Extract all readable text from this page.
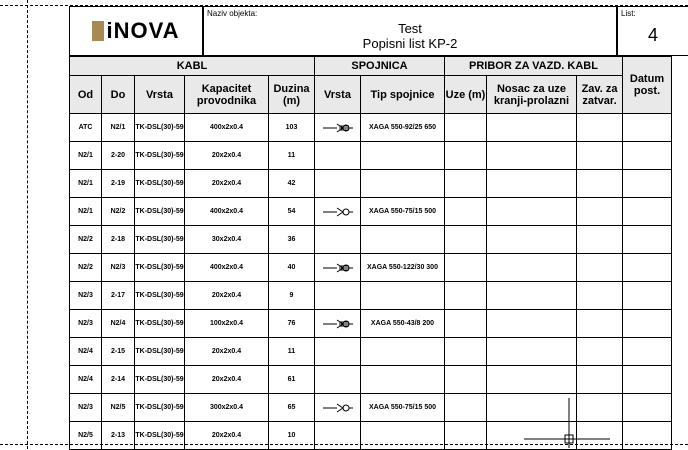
iNOVA
Naziv objekta:
Test
Popisni list KP-2
List:
4
KABL					SPOJNICA		PRIBOR ZA VAZD. KABL			Datum post.
Od	Do	Vrsta	Kapacitet provodnika	Duzina (m)	Vrsta	Tip spojnice	Uze (m)	Nosac za uze kranji-prolazni	Zav. za zatvar.	
ATC	N2/1	TK-DSL(30)-59	400x2x0.4	103		XAGA 550-92/25 650				
N2/1	2-20	TK-DSL(30)-59	20x2x0.4	11						
N2/1	2-19	TK-DSL(30)-59	20x2x0.4	42						
N2/1	N2/2	TK-DSL(30)-59	400x2x0.4	54		XAGA 550-75/15 500				
N2/2	2-18	TK-DSL(30)-59	30x2x0.4	36						
N2/2	N2/3	TK-DSL(30)-59	400x2x0.4	40		XAGA 550-122/30 300				
N2/3	2-17	TK-DSL(30)-59	20x2x0.4	9						
N2/3	N2/4	TK-DSL(30)-59	100x2x0.4	76		XAGA 550-43/8 200				
N2/4	2-15	TK-DSL(30)-59	20x2x0.4	11						
N2/4	2-14	TK-DSL(30)-59	20x2x0.4	61						
N2/3	N2/5	TK-DSL(30)-59	300x2x0.4	65		XAGA 550-75/15 500				
N2/5	2-13	TK-DSL(30)-59	20x2x0.4	10						
